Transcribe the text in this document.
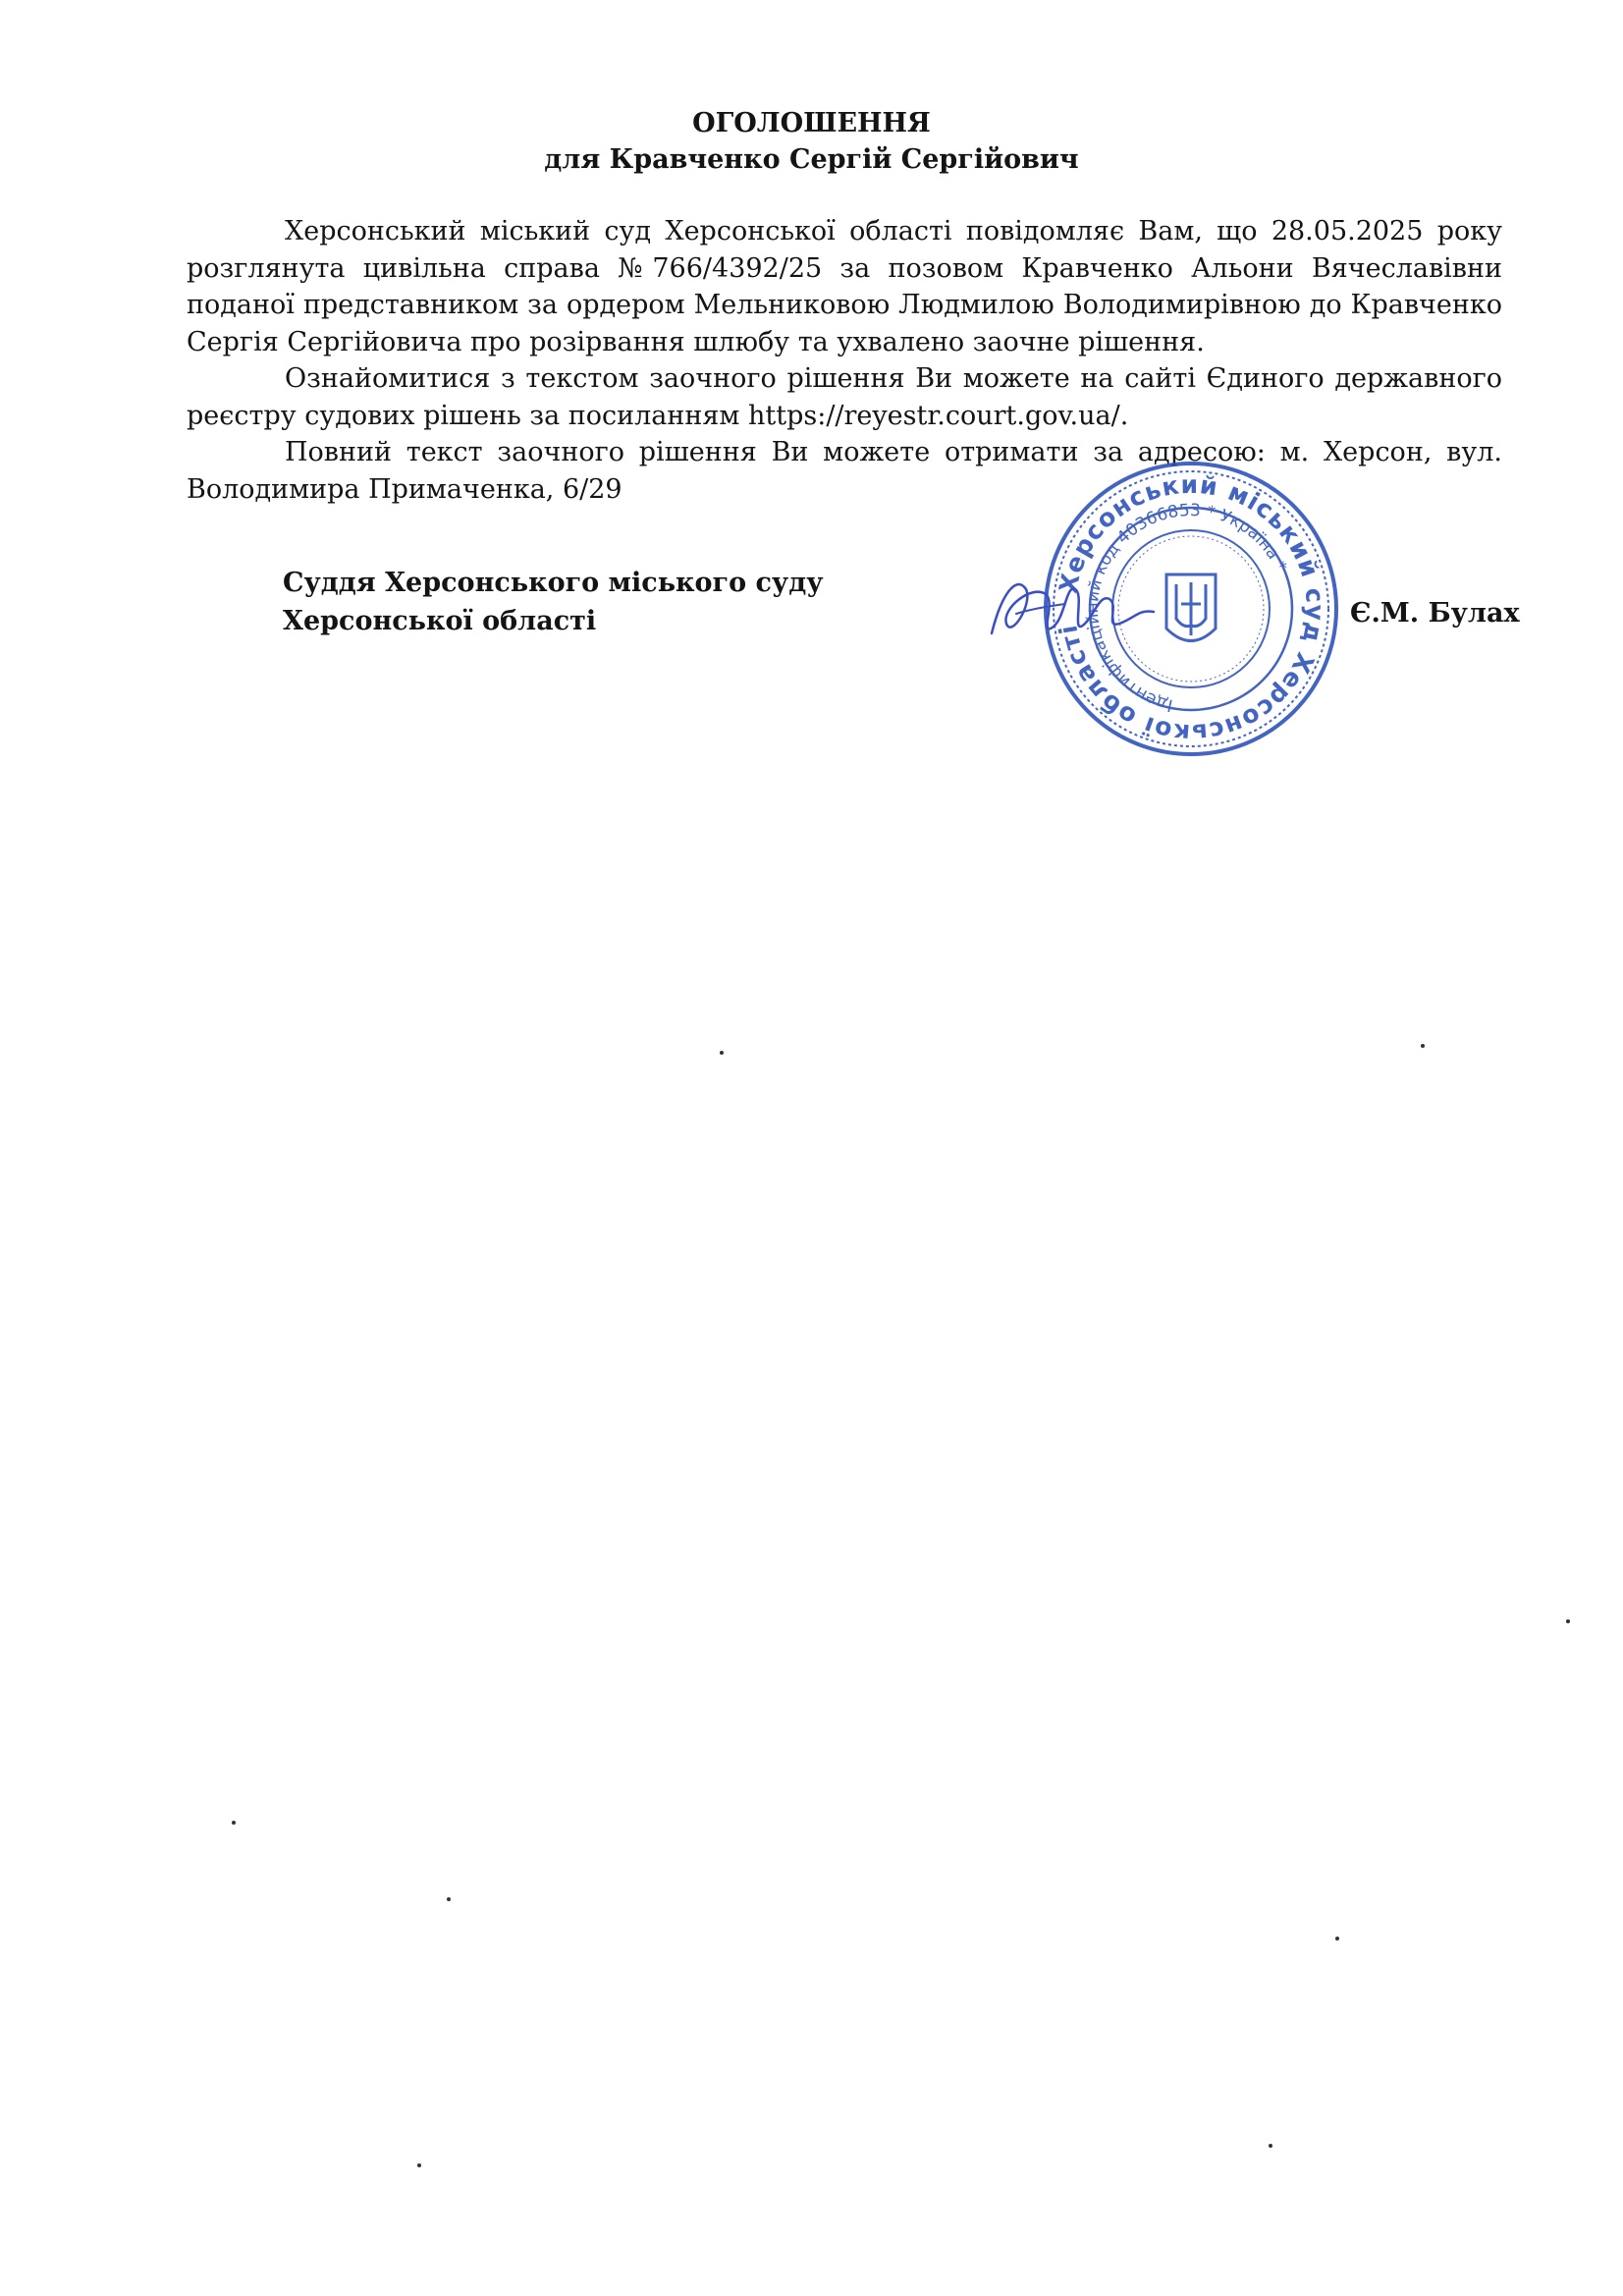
ОГОЛОШЕННЯ
для Кравченко Сергій Сергійович

Херсонський міський суд Херсонської області повідомляє Вам, що 28.05.2025 року розглянута цивільна справа №766/4392/25 за позовом Кравченко Альони Вячеславівни поданої представником за ордером Мельниковою Людмилою Володимирівною до Кравченко Сергія Сергійовича про розірвання шлюбу та ухвалено заочне рішення.

Ознайомитися з текстом заочного рішення Ви можете на сайті Єдиного державного реєстру судових рішень за посиланням https://reyestr.court.gov.ua/.

Повний текст заочного рішення Ви можете отримати за адресою: м. Херсон, вул. Володимира Примаченка, 6/29

Херсонський міський суд Херсонської області
Ідентифікаційний код 40366853 * Україна *
Суддя Херсонського міського суду
Херсонської області	Є.М. Булах
